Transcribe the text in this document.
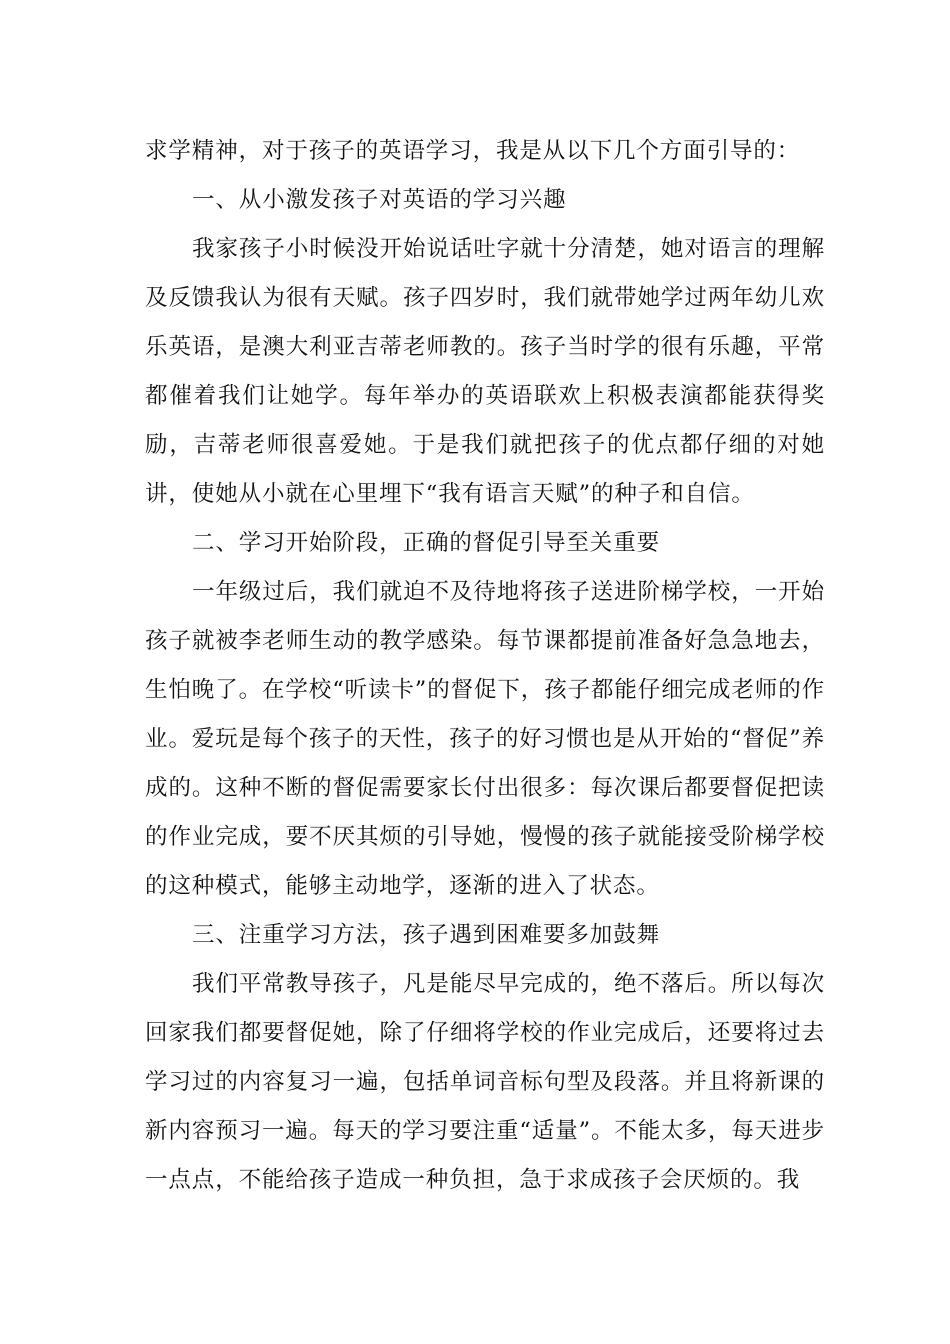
求学精神，对于孩子的英语学习，我是从以下几个方面引导的：

一、从小激发孩子对英语的学习兴趣

我家孩子小时候没开始说话吐字就十分清楚，她对语言的理解及反馈我认为很有天赋。孩子四岁时，我们就带她学过两年幼儿欢乐英语，是澳大利亚吉蒂老师教的。孩子当时学的很有乐趣，平常都催着我们让她学。每年举办的英语联欢上积极表演都能获得奖励，吉蒂老师很喜爱她。于是我们就把孩子的优点都仔细的对她讲，使她从小就在心里埋下“我有语言天赋”的种子和自信。

二、学习开始阶段，正确的督促引导至关重要

一年级过后，我们就迫不及待地将孩子送进阶梯学校，一开始孩子就被李老师生动的教学感染。每节课都提前准备好急急地去，生怕晚了。在学校“听读卡”的督促下，孩子都能仔细完成老师的作业。爱玩是每个孩子的天性，孩子的好习惯也是从开始的“督促”养成的。这种不断的督促需要家长付出很多：每次课后都要督促把读的作业完成，要不厌其烦的引导她，慢慢的孩子就能接受阶梯学校的这种模式，能够主动地学，逐渐的进入了状态。

三、注重学习方法，孩子遇到困难要多加鼓舞

我们平常教导孩子，凡是能尽早完成的，绝不落后。所以每次回家我们都要督促她，除了仔细将学校的作业完成后，还要将过去学习过的内容复习一遍，包括单词音标句型及段落。并且将新课的新内容预习一遍。每天的学习要注重“适量”。不能太多，每天进步一点点，不能给孩子造成一种负担，急于求成孩子会厌烦的。我
